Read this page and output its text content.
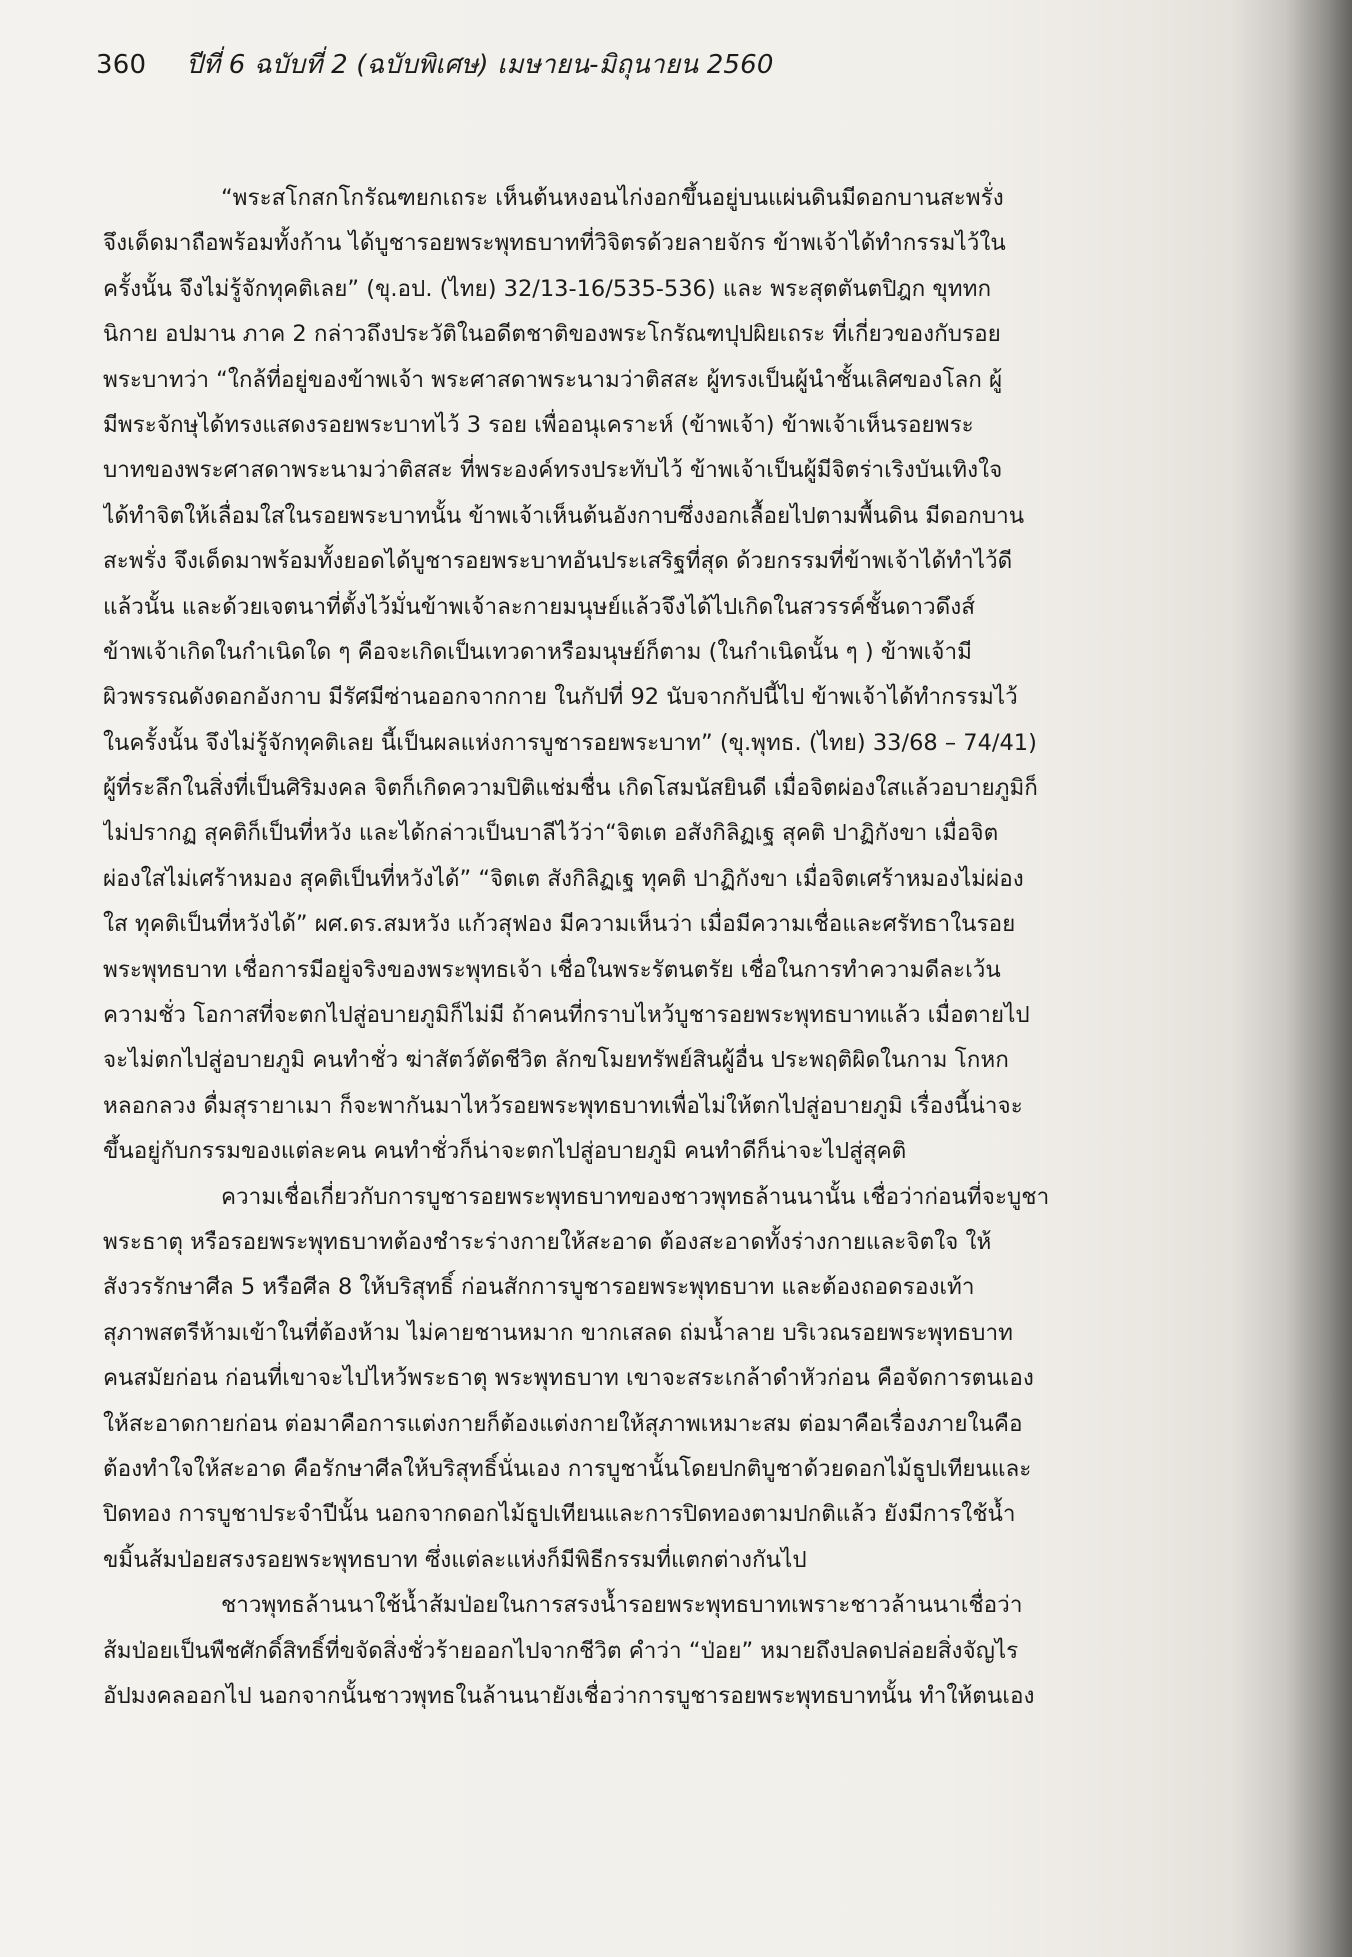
360 ปีที่ 6 ฉบับที่ 2 (ฉบับพิเศษ) เมษายน-มิถุนายน 2560
“พระสโกสกโกรัณฑยกเถระ เห็นต้นหงอนไก่งอกขึ้นอยู่บนแผ่นดินมีดอกบานสะพรั่ง
จึงเด็ดมาถือพร้อมทั้งก้าน ได้บูชารอยพระพุทธบาทที่วิจิตรด้วยลายจักร ข้าพเจ้าได้ทำกรรมไว้ใน
ครั้งนั้น จึงไม่รู้จักทุคติเลย” (ขุ.อป. (ไทย) 32/13-16/535-536) และ พระสุตตันตปิฎก ขุททก
นิกาย อปมาน ภาค 2 กล่าวถึงประวัติในอดีตชาติของพระโกรัณฑปุปผิยเถระ ที่เกี่ยวของกับรอย
พระบาทว่า “ใกล้ที่อยู่ของข้าพเจ้า พระศาสดาพระนามว่าติสสะ ผู้ทรงเป็นผู้นำชั้นเลิศของโลก ผู้
มีพระจักษุได้ทรงแสดงรอยพระบาทไว้ 3 รอย เพื่ออนุเคราะห์ (ข้าพเจ้า) ข้าพเจ้าเห็นรอยพระ
บาทของพระศาสดาพระนามว่าติสสะ ที่พระองค์ทรงประทับไว้ ข้าพเจ้าเป็นผู้มีจิตร่าเริงบันเทิงใจ
ได้ทำจิตให้เลื่อมใสในรอยพระบาทนั้น ข้าพเจ้าเห็นต้นอังกาบซึ่งงอกเลื้อยไปตามพื้นดิน มีดอกบาน
สะพรั่ง จึงเด็ดมาพร้อมทั้งยอดได้บูชารอยพระบาทอันประเสริฐที่สุด ด้วยกรรมที่ข้าพเจ้าได้ทำไว้ดี
แล้วนั้น และด้วยเจตนาที่ตั้งไว้มั่นข้าพเจ้าละกายมนุษย์แล้วจึงได้ไปเกิดในสวรรค์ชั้นดาวดึงส์
ข้าพเจ้าเกิดในกำเนิดใด ๆ คือจะเกิดเป็นเทวดาหรือมนุษย์ก็ตาม (ในกำเนิดนั้น ๆ ) ข้าพเจ้ามี
ผิวพรรณดังดอกอังกาบ มีรัศมีซ่านออกจากกาย ในกัปที่ 92 นับจากกัปนี้ไป ข้าพเจ้าได้ทำกรรมไว้
ในครั้งนั้น จึงไม่รู้จักทุคติเลย นี้เป็นผลแห่งการบูชารอยพระบาท” (ขุ.พุทธ. (ไทย) 33/68 – 74/41)
ผู้ที่ระลึกในสิ่งที่เป็นศิริมงคล จิตก็เกิดความปิติแช่มชื่น เกิดโสมนัสยินดี เมื่อจิตผ่องใสแล้วอบายภูมิก็
ไม่ปรากฏ สุคติก็เป็นที่หวัง และได้กล่าวเป็นบาลีไว้ว่า“จิตเต อสังกิลิฏเฐ สุคติ ปาฏิกังขา เมื่อจิต
ผ่องใสไม่เศร้าหมอง สุคติเป็นที่หวังได้” “จิตเต สังกิลิฏเฐ ทุคติ ปาฏิกังขา เมื่อจิตเศร้าหมองไม่ผ่อง
ใส ทุคติเป็นที่หวังได้” ผศ.ดร.สมหวัง แก้วสุฟอง มีความเห็นว่า เมื่อมีความเชื่อและศรัทธาในรอย
พระพุทธบาท เชื่อการมีอยู่จริงของพระพุทธเจ้า เชื่อในพระรัตนตรัย เชื่อในการทำความดีละเว้น
ความชั่ว โอกาสที่จะตกไปสู่อบายภูมิก็ไม่มี ถ้าคนที่กราบไหว้บูชารอยพระพุทธบาทแล้ว เมื่อตายไป
จะไม่ตกไปสู่อบายภูมิ คนทำชั่ว ฆ่าสัตว์ตัดชีวิต ลักขโมยทรัพย์สินผู้อื่น ประพฤติผิดในกาม โกหก
หลอกลวง ดื่มสุรายาเมา ก็จะพากันมาไหว้รอยพระพุทธบาทเพื่อไม่ให้ตกไปสู่อบายภูมิ เรื่องนี้น่าจะ
ขึ้นอยู่กับกรรมของแต่ละคน คนทำชั่วก็น่าจะตกไปสู่อบายภูมิ คนทำดีก็น่าจะไปสู่สุคติ
ความเชื่อเกี่ยวกับการบูชารอยพระพุทธบาทของชาวพุทธล้านนานั้น เชื่อว่าก่อนที่จะบูชา
พระธาตุ หรือรอยพระพุทธบาทต้องชำระร่างกายให้สะอาด ต้องสะอาดทั้งร่างกายและจิตใจ ให้
สังวรรักษาศีล 5 หรือศีล 8 ให้บริสุทธิ์ ก่อนสักการบูชารอยพระพุทธบาท และต้องถอดรองเท้า
สุภาพสตรีห้ามเข้าในที่ต้องห้าม ไม่คายชานหมาก ขากเสลด ถ่มน้ำลาย บริเวณรอยพระพุทธบาท
คนสมัยก่อน ก่อนที่เขาจะไปไหว้พระธาตุ พระพุทธบาท เขาจะสระเกล้าดำหัวก่อน คือจัดการตนเอง
ให้สะอาดกายก่อน ต่อมาคือการแต่งกายก็ต้องแต่งกายให้สุภาพเหมาะสม ต่อมาคือเรื่องภายในคือ
ต้องทำใจให้สะอาด คือรักษาศีลให้บริสุทธิ์นั่นเอง การบูชานั้นโดยปกติบูชาด้วยดอกไม้ธูปเทียนและ
ปิดทอง การบูชาประจำปีนั้น นอกจากดอกไม้ธูปเทียนและการปิดทองตามปกติแล้ว ยังมีการใช้น้ำ
ขมิ้นส้มป่อยสรงรอยพระพุทธบาท ซึ่งแต่ละแห่งก็มีพิธีกรรมที่แตกต่างกันไป
ชาวพุทธล้านนาใช้น้ำส้มป่อยในการสรงน้ำรอยพระพุทธบาทเพราะชาวล้านนาเชื่อว่า
ส้มป่อยเป็นพืชศักดิ์สิทธิ์ที่ขจัดสิ่งชั่วร้ายออกไปจากชีวิต คำว่า “ป่อย” หมายถึงปลดปล่อยสิ่งจัญไร
อัปมงคลออกไป นอกจากนั้นชาวพุทธในล้านนายังเชื่อว่าการบูชารอยพระพุทธบาทนั้น ทำให้ตนเอง
